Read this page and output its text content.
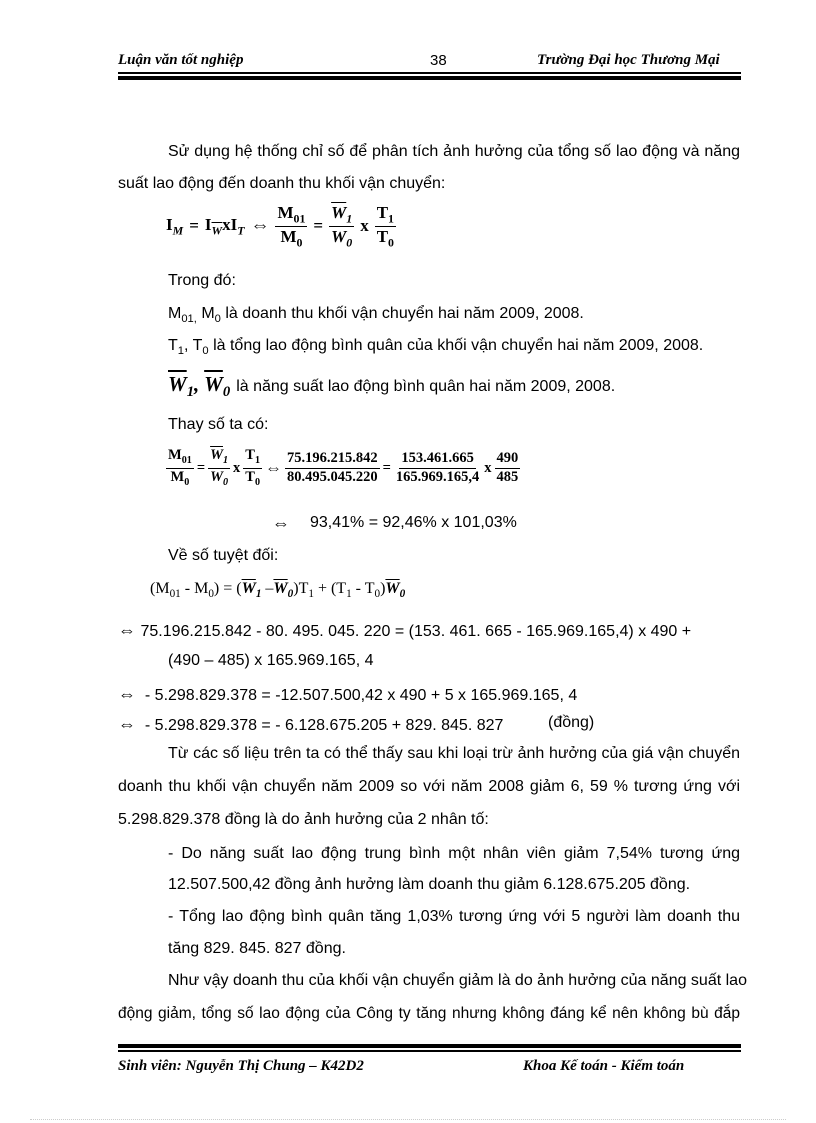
Luận văn tốt nghiệp	38	Trường Đại học Thương Mại
Sử dụng hệ thống chỉ số để phân tích ảnh hưởng của tổng số lao động và năng
suất lao động đến doanh thu khối vận chuyển:
$I_M = I_{\overline{W}}xI_T$ ⇔ $\frac{M_{01}}{M_0} = \frac{\overline{W}_1}{\overline{W}_0}$ x $\frac{T_1}{T_0}$
Trong đó:
$M_{01,}$ $M_0$ là doanh thu khối vận chuyển hai năm 2009, 2008.
$T_1$, $T_0$ là tổng lao động bình quân của khối vận chuyển hai năm 2009, 2008.
$\overline{W}_1$, $\overline{W}_0$ là năng suất lao động bình quân hai năm 2009, 2008.
Thay số ta có:
$\frac{M_{01}}{M_0} = \frac{\overline{W}_1}{\overline{W}_0}$ x $\frac{T_1}{T_0}$ ⇔ $\frac{75.196.215.842}{80.495.045.220} = \frac{153.461.665}{165.969.165,4}$ x $\frac{490}{485}$
⇔ 93,41% = 92,46% x 101,03%
Về số tuyệt đối:
$(M_{01} - M_0) = (\overline{W}_1$ $-\overline{W}_0)T_1 + (T_1 - T_0)\overline{W}_0$
⇔ 75.196.215.842 - 80. 495. 045. 220 = (153. 461. 665 - 165.969.165,4) x 490 +
(490 – 485) x 165.969.165, 4
⇔ - 5.298.829.378 = -12.507.500,42 x 490 + 5 x 165.969.165, 4
⇔ - 5.298.829.378 = - 6.128.675.205 + 829. 845. 827	(đồng)
Từ các số liệu trên ta có thể thấy sau khi loại trừ ảnh hưởng của giá vận chuyển
doanh thu khối vận chuyển năm 2009 so với năm 2008 giảm 6, 59 % tương ứng với
5.298.829.378 đồng là do ảnh hưởng của 2 nhân tố:
- Do năng suất lao động trung bình một nhân viên giảm 7,54% tương ứng
12.507.500,42 đồng ảnh hưởng làm doanh thu giảm 6.128.675.205 đồng.
- Tổng lao động bình quân tăng 1,03% tương ứng với 5 người làm doanh thu
tăng 829. 845. 827 đồng.
Như vậy doanh thu của khối vận chuyển giảm là do ảnh hưởng của năng suất lao
động giảm, tổng số lao động của Công ty tăng nhưng không đáng kể nên không bù đắp
Sinh viên: Nguyễn Thị Chung – K42D2	Khoa Kế toán - Kiểm toán
